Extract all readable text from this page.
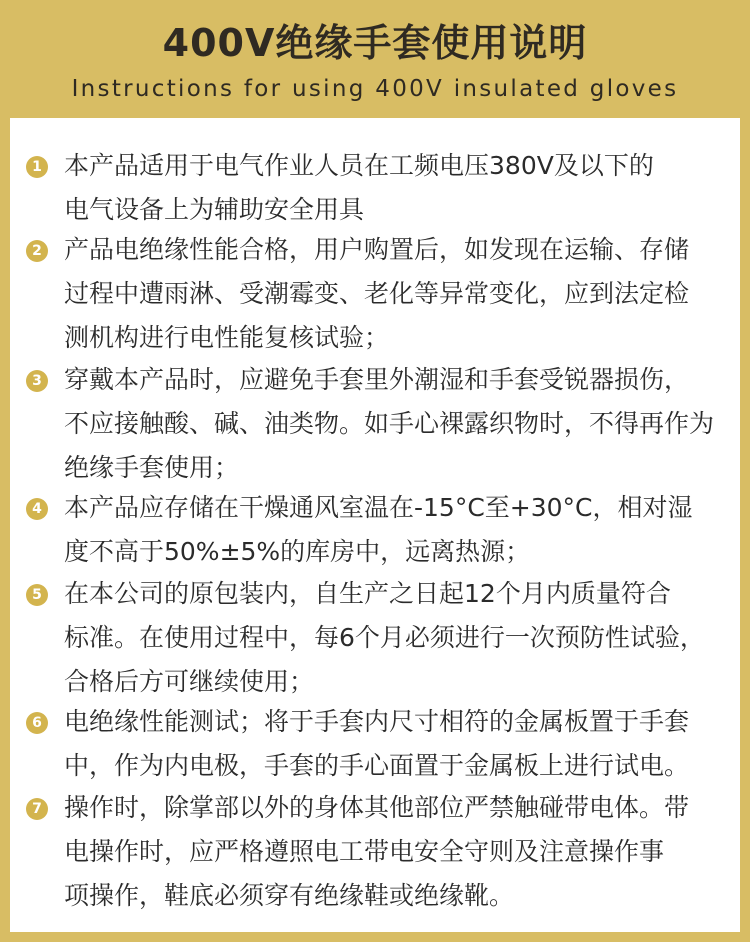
400V绝缘手套使用说明
Instructions for using 400V insulated gloves
1 本产品适用于电气作业人员在工频电压380V及以下的
电气设备上为辅助安全用具
2 产品电绝缘性能合格，用户购置后，如发现在运输、存储
过程中遭雨淋、受潮霉变、老化等异常变化，应到法定检
测机构进行电性能复核试验；
3 穿戴本产品时，应避免手套里外潮湿和手套受锐器损伤，
不应接触酸、碱、油类物。如手心裸露织物时，不得再作为
绝缘手套使用；
4 本产品应存储在干燥通风室温在-15°C至+30°C，相对湿
度不高于50%±5%的库房中，远离热源；
5 在本公司的原包装内，自生产之日起12个月内质量符合
标准。在使用过程中，每6个月必须进行一次预防性试验，
合格后方可继续使用；
6 电绝缘性能测试；将于手套内尺寸相符的金属板置于手套
中，作为内电极，手套的手心面置于金属板上进行试电。
7 操作时，除掌部以外的身体其他部位严禁触碰带电体。带
电操作时，应严格遵照电工带电安全守则及注意操作事
项操作，鞋底必须穿有绝缘鞋或绝缘靴。
